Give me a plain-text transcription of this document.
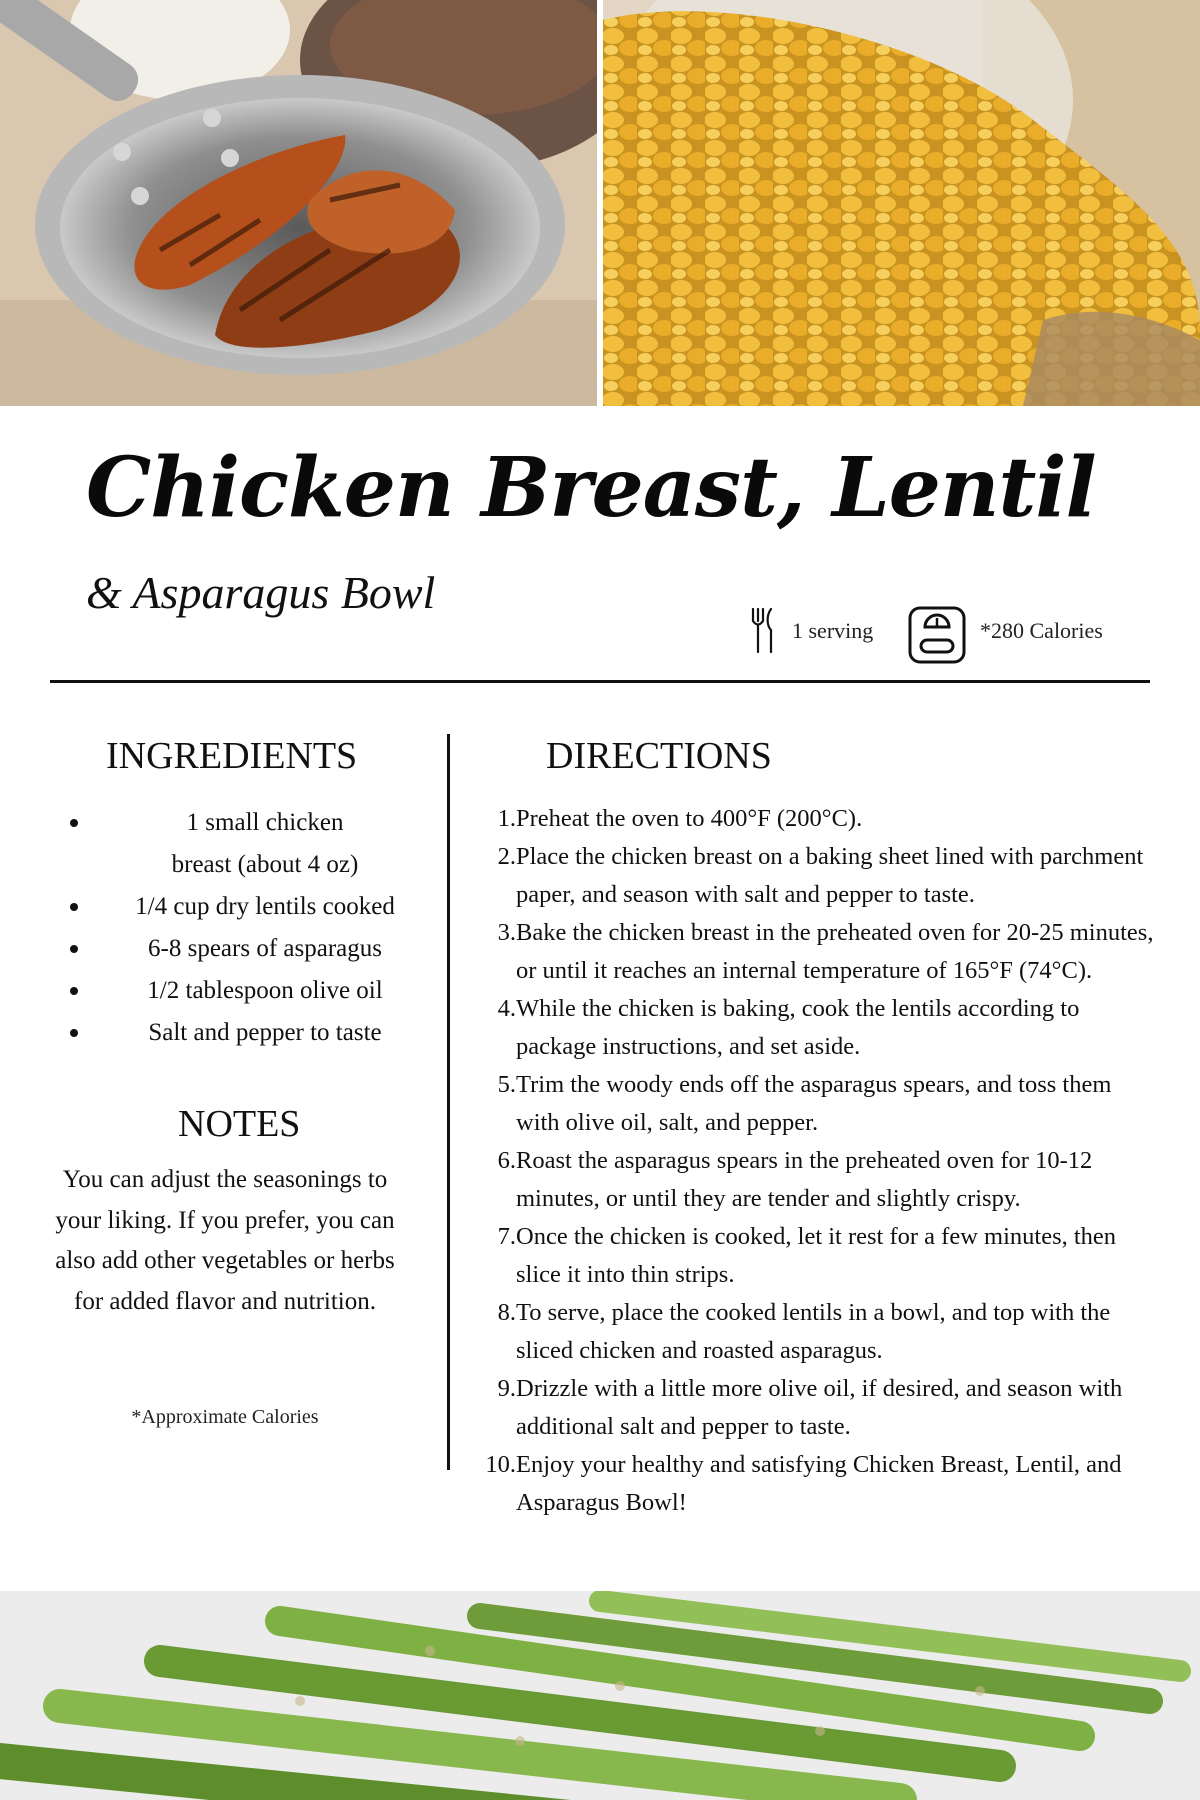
Chicken Breast, Lentil
& Asparagus Bowl
1 serving	*280 Calories
INGREDIENTS
1 small chicken breast (about 4 oz)
1/4 cup dry lentils cooked
6-8 spears of asparagus
1/2 tablespoon olive oil
Salt and pepper to taste
NOTES
You can adjust the seasonings to your liking. If you prefer, you can also add other vegetables or herbs for added flavor and nutrition.
*Approximate Calories
DIRECTIONS
1. Preheat the oven to 400°F (200°C).
2. Place the chicken breast on a baking sheet lined with parchment paper, and season with salt and pepper to taste.
3. Bake the chicken breast in the preheated oven for 20-25 minutes, or until it reaches an internal temperature of 165°F (74°C).
4. While the chicken is baking, cook the lentils according to package instructions, and set aside.
5. Trim the woody ends off the asparagus spears, and toss them with olive oil, salt, and pepper.
6. Roast the asparagus spears in the preheated oven for 10-12 minutes, or until they are tender and slightly crispy.
7. Once the chicken is cooked, let it rest for a few minutes, then slice it into thin strips.
8. To serve, place the cooked lentils in a bowl, and top with the sliced chicken and roasted asparagus.
9. Drizzle with a little more olive oil, if desired, and season with additional salt and pepper to taste.
10. Enjoy your healthy and satisfying Chicken Breast, Lentil, and Asparagus Bowl!
